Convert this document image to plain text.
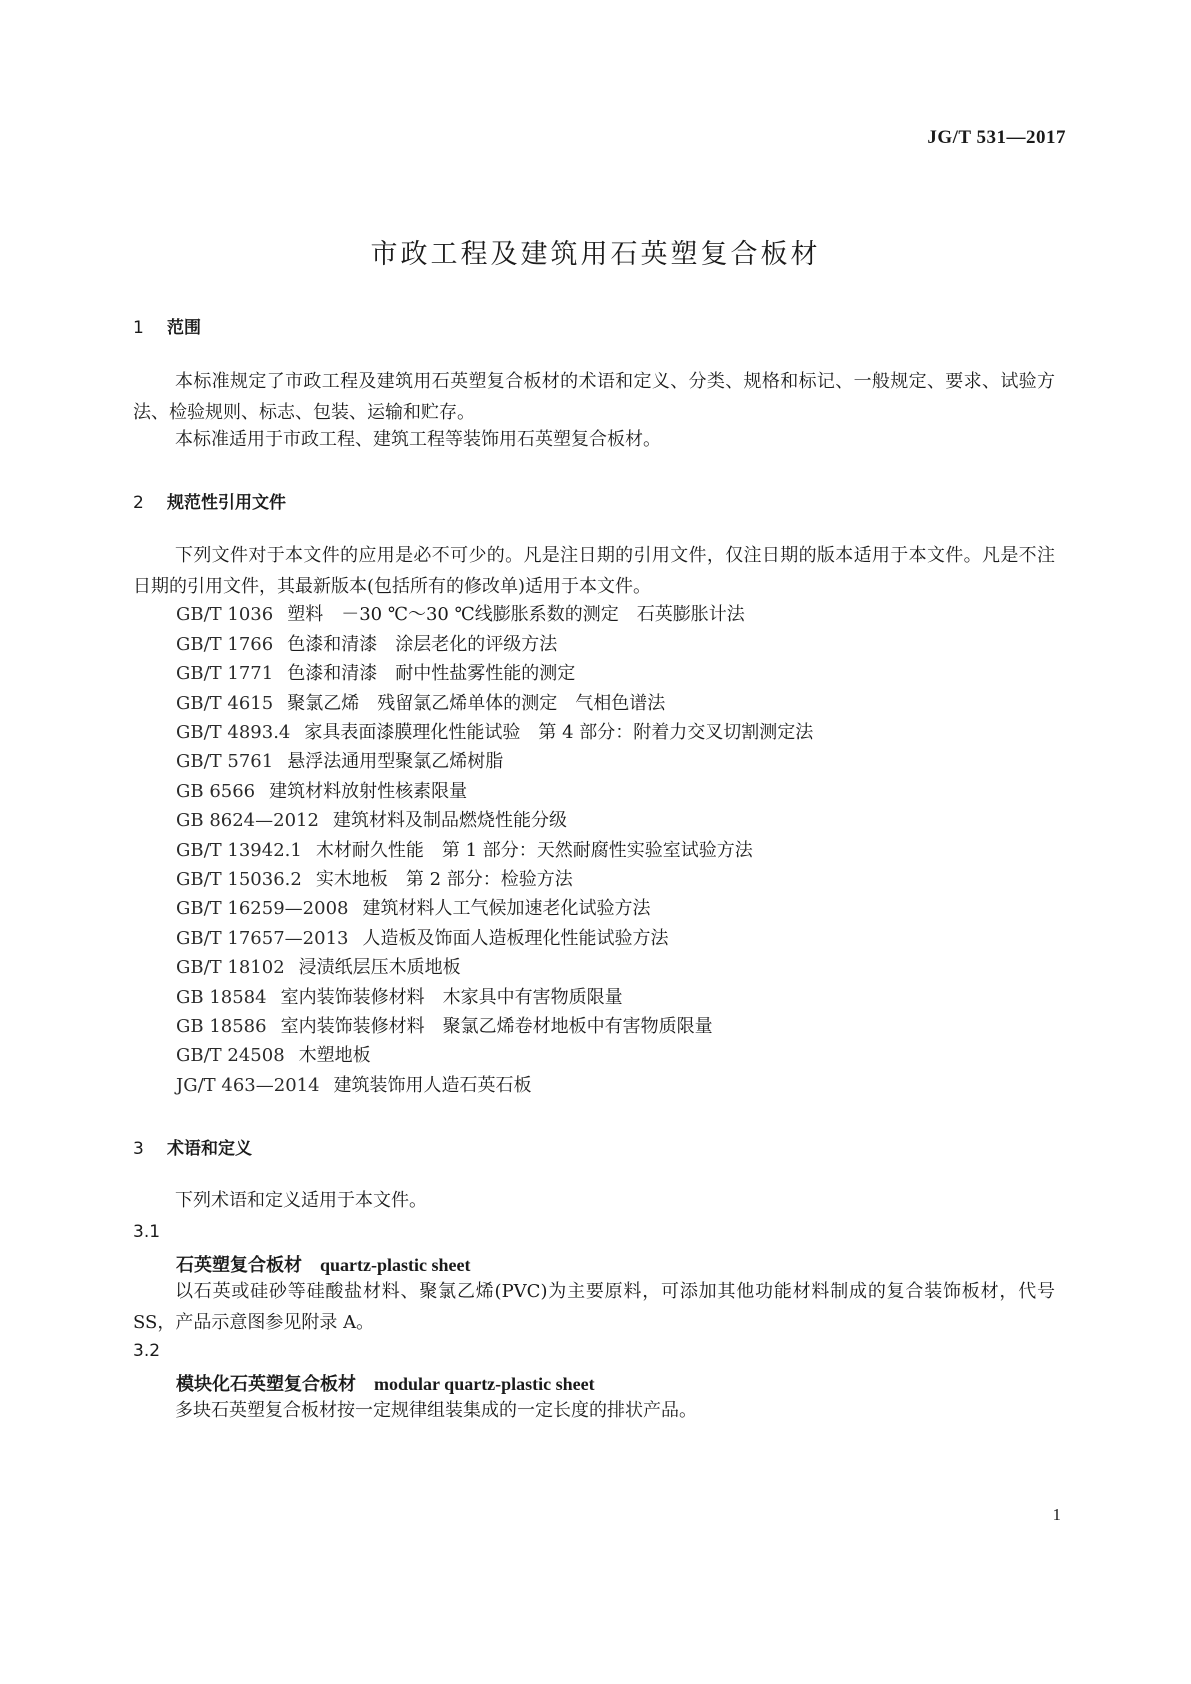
JG/T 531—2017
市政工程及建筑用石英塑复合板材
1 范围
本标准规定了市政工程及建筑用石英塑复合板材的术语和定义、分类、规格和标记、一般规定、要求、试验方法、检验规则、标志、包装、运输和贮存。
本标准适用于市政工程、建筑工程等装饰用石英塑复合板材。
2 规范性引用文件
下列文件对于本文件的应用是必不可少的。凡是注日期的引用文件，仅注日期的版本适用于本文件。凡是不注日期的引用文件，其最新版本(包括所有的修改单)适用于本文件。
GB/T 1036 塑料　－30 ℃～30 ℃线膨胀系数的测定　石英膨胀计法
GB/T 1766 色漆和清漆　涂层老化的评级方法
GB/T 1771 色漆和清漆　耐中性盐雾性能的测定
GB/T 4615 聚氯乙烯　残留氯乙烯单体的测定　气相色谱法
GB/T 4893.4 家具表面漆膜理化性能试验　第 4 部分：附着力交叉切割测定法
GB/T 5761 悬浮法通用型聚氯乙烯树脂
GB 6566 建筑材料放射性核素限量
GB 8624—2012 建筑材料及制品燃烧性能分级
GB/T 13942.1 木材耐久性能　第 1 部分：天然耐腐性实验室试验方法
GB/T 15036.2 实木地板　第 2 部分：检验方法
GB/T 16259—2008 建筑材料人工气候加速老化试验方法
GB/T 17657—2013 人造板及饰面人造板理化性能试验方法
GB/T 18102 浸渍纸层压木质地板
GB 18584 室内装饰装修材料　木家具中有害物质限量
GB 18586 室内装饰装修材料　聚氯乙烯卷材地板中有害物质限量
GB/T 24508 木塑地板
JG/T 463—2014 建筑装饰用人造石英石板
3 术语和定义
下列术语和定义适用于本文件。
3.1
石英塑复合板材 quartz-plastic sheet
以石英或硅砂等硅酸盐材料、聚氯乙烯(PVC)为主要原料，可添加其他功能材料制成的复合装饰板材，代号 SS，产品示意图参见附录 A。
3.2
模块化石英塑复合板材 modular quartz-plastic sheet
多块石英塑复合板材按一定规律组装集成的一定长度的排状产品。
1
